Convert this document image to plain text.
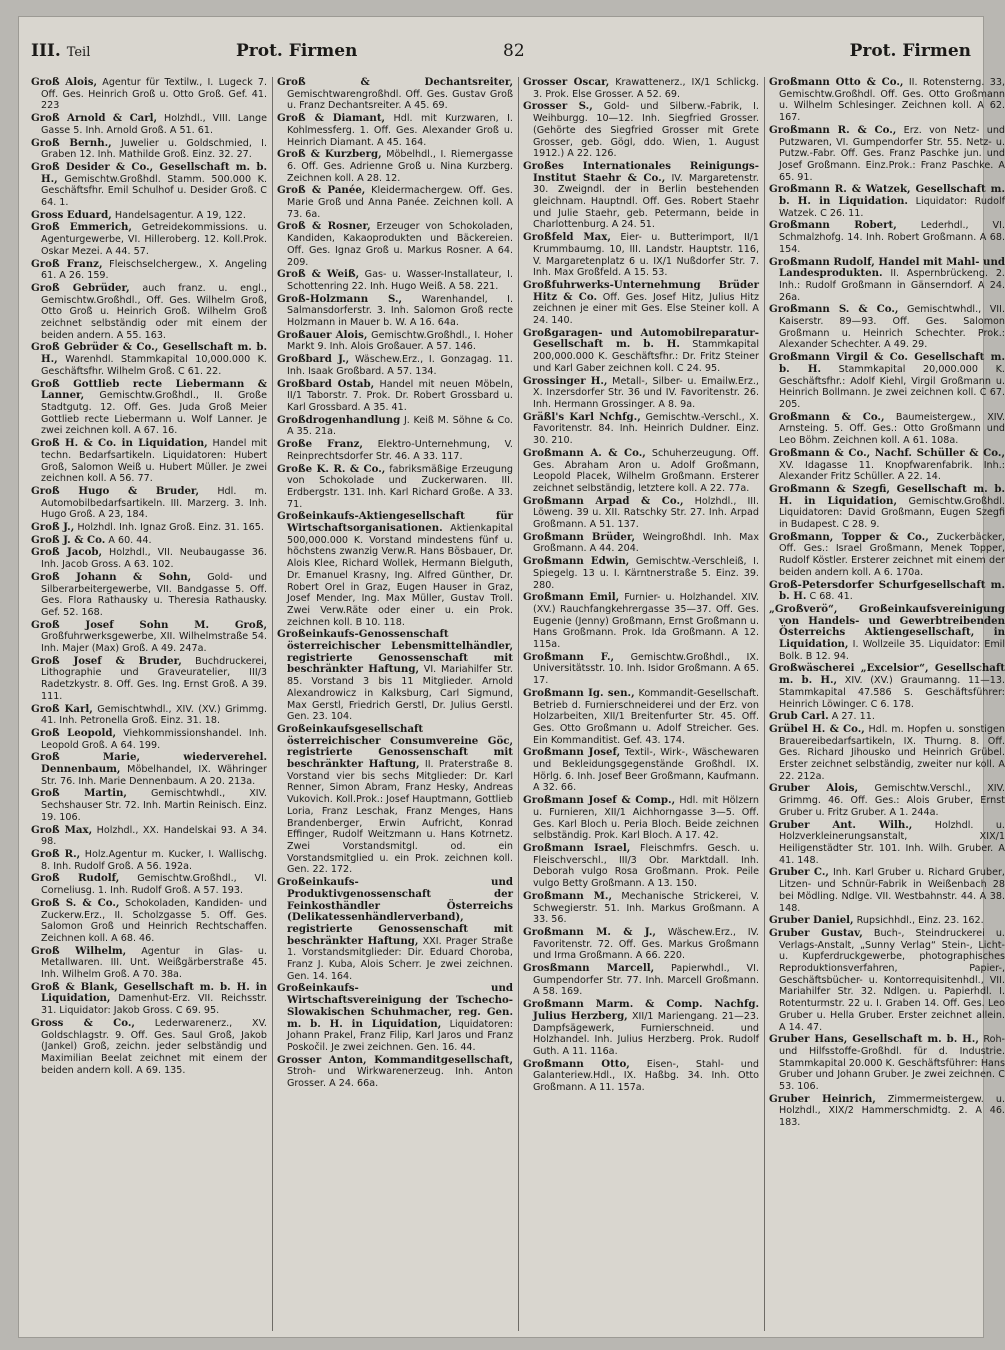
III. Teil	Prot. Firmen	82	Prot. Firmen
Groß Alois, Agentur für Textilw., I. Lugeck 7. Off. Ges. Heinrich Groß u. Otto Groß. Gef. 41. 223
Groß Arnold & Carl, Holzhdl., VIII. Lange Gasse 5. Inh. Arnold Groß. A 51. 61.
Groß Bernh., Juwelier u. Goldschmied, I. Graben 12. Inh. Mathilde Groß. Einz. 32. 27.
Groß Desider & Co., Gesellschaft m. b. H., Gemischtw.Großhdl. Stamm. 500.000 K. Geschäftsfhr. Emil Schulhof u. Desider Groß. C 64. 1.
Gross Eduard, Handelsagentur. A 19, 122.
Groß Emmerich, Getreidekommissions. u. Agenturgewerbe, VI. Hilleroberg. 12. Koll.Prok. Oskar Mezei. A 44. 57.
Groß Franz, Fleischselchergew., X. Angeling 61. A 26. 159.
Groß Gebrüder, auch franz. u. engl., Gemischtw.Großhdl., Off. Ges. Wilhelm Groß, Otto Groß u. Heinrich Groß. Wilhelm Groß zeichnet selbständig oder mit einem der beiden andern. A 55. 163.
Groß Gebrüder & Co., Gesellschaft m. b. H., Warenhdl. Stammkapital 10,000.000 K. Geschäftsfhr. Wilhelm Groß. C 61. 22.
Groß Gottlieb recte Liebermann & Lanner, Gemischtw.Großhdl., II. Große Stadtgutg. 12. Off. Ges. Juda Groß Meier Gottlieb recte Liebermann u. Wolf Lanner. Je zwei zeichnen koll. A 67. 16.
Groß H. & Co. in Liquidation, Handel mit techn. Bedarfsartikeln. Liquidatoren: Hubert Groß, Salomon Weiß u. Hubert Müller. Je zwei zeichnen koll. A 56. 77.
Groß Hugo & Bruder, Hdl. m. Automobilbedarfsartikeln. III. Marzerg. 3. Inh. Hugo Groß. A 23, 184.
Groß J., Holzhdl. Inh. Ignaz Groß. Einz. 31. 165.
Groß J. & Co. A 60. 44.
Groß Jacob, Holzhdl., VII. Neubaugasse 36. Inh. Jacob Gross. A 63. 102.
Groß Johann & Sohn, Gold- und Silberarbeitergewerbe, VII. Bandgasse 5. Off. Ges. Flora Rathausky u. Theresia Rathausky. Gef. 52. 168.
Groß Josef Sohn M. Groß, Großfuhrwerksgewerbe, XII. Wilhelmstraße 54. Inh. Majer (Max) Groß. A 49. 247a.
Groß Josef & Bruder, Buchdruckerei, Lithographie und Graveuratelier, III/3 Radetzkystr. 8. Off. Ges. Ing. Ernst Groß. A 39. 111.
Groß Karl, Gemischtwhdl., XIV. (XV.) Grimmg. 41. Inh. Petronella Groß. Einz. 31. 18.
Groß Leopold, Viehkommissionshandel. Inh. Leopold Groß. A 64. 199.
Groß Marie, wiederverehel. Dennenbaum, Möbelhandel, IX. Währinger Str. 76. Inh. Marie Dennenbaum. A 20. 213a.
Groß Martin,	Gemischtwhdl., XIV. Sechshauser Str. 72. Inh. Martin Reinisch. Einz. 19. 106.
Groß Max, Holzhdl., XX. Handelskai 93. A 34. 98.
Groß R., Holz.Agentur m. Kucker, I. Wallischg. 8. Inh. Rudolf Groß. A 56. 192a.
Groß Rudolf, Gemischtw.Großhdl., VI. Corneliusg. 1. Inh. Rudolf Groß. A 57. 193.
Groß S. & Co., Schokoladen, Kandiden- und Zuckerw.Erz., II. Scholzgasse 5. Off. Ges. Salomon Groß und Heinrich Rechtschaffen. Zeichnen koll. A 68. 46.
Groß Wilhelm, Agentur in Glas- u. Metallwaren. III. Unt. Weißgärberstraße 45. Inh. Wilhelm Groß. A 70. 38a.
Groß & Blank, Gesellschaft m. b. H. in Liquidation, Damenhut-Erz. VII. Reichsstr. 31. Liquidator: Jakob Gross. C 69. 95.
Gross & Co., Lederwarenerz., XV. Goldschlagstr. 9. Off. Ges. Saul Groß, Jakob (Jankel) Groß, zeichn. jeder selbständig und Maximilian Beelat zeichnet mit einem der beiden andern koll. A 69. 135.
Groß & Dechantsreiter, Gemischtwarengroßhdl. Off. Ges. Gustav Groß u. Franz Dechantsreiter. A 45. 69.
Groß & Diamant, Hdl. mit Kurzwaren, I. Kohlmessferg. 1. Off. Ges. Alexander Groß u. Heinrich Diamant. A 45. 164.
Groß & Kurzberg, Möbelhdl., I. Riemergasse 6. Off. Ges. Adrienne Groß u. Nina Kurzberg. Zeichnen koll. A 28. 12.
Groß & Panée, Kleidermachergew. Off. Ges. Marie Groß und Anna Panée. Zeichnen koll. A 73. 6a.
Groß & Rosner, Erzeuger von Schokoladen, Kandiden, Kakaoprodukten und Bäckereien. Off. Ges. Ignaz Groß u. Markus Rosner. A 64. 209.
Groß & Weiß, Gas- u. Wasser-Installateur, I. Schottenring 22. Inh. Hugo Weiß. A 58. 221.
Groß-Holzmann S., Warenhandel, I. Salmansdorferstr. 3. Inh. Salomon Groß recte Holzmann in Mauer b. W. A 16. 64a.
Großauer Alois, Gemischtw.Großhdl., I. Hoher Markt 9. Inh. Alois Großauer. A 57. 146.
Großbard J., Wäschew.Erz., I. Gonzagag. 11. Inh. Isaak Großbard. A 57. 134.
Großbard Ostab, Handel mit neuen Möbeln, II/1 Taborstr. 7. Prok. Dr. Robert Grossbard u. Karl Grossbard. A 35. 41.
Großdrogenhandlung J. Keiß M. Söhne & Co. A 35. 21a.
Große Franz, Elektro-Unternehmung, V. Reinprechtsdorfer Str. 46. A 33. 117.
Große K. R. & Co., fabriksmäßige Erzeugung von Schokolade und Zuckerwaren. III. Erdbergstr. 131. Inh. Karl Richard Große. A 33. 71.
Großeinkaufs-Aktiengesellschaft für Wirtschaftsorganisationen. Aktienkapital 500,000.000 K. Vorstand mindestens fünf u. höchstens zwanzig Verw.R. Hans Bösbauer, Dr. Alois Klee, Richard Wollek, Hermann Bielguth, Dr. Emanuel Krasny, Ing. Alfred Günther, Dr. Robert Orel in Graz, Eugen Hauser in Graz, Josef Mender, Ing. Max Müller, Gustav Troll. Zwei Verw.Räte oder einer u. ein Prok. zeichnen koll. B 10. 118.
Großeinkaufs-Genossenschaft österreichischer Lebensmittelhändler, registrierte Genossenschaft mit beschränkter Haftung, VI. Mariahilfer Str. 85. Vorstand 3 bis 11 Mitglieder. Arnold Alexandrowicz in Kalksburg, Carl Sigmund, Max Gerstl, Friedrich Gerstl, Dr. Julius Gerstl. Gen. 23. 104.
Großeinkaufsgesellschaft österreichischer Consumvereine Göc, registrierte Genossenschaft mit beschränkter Haftung, II. Praterstraße 8. Vorstand vier bis sechs Mitglieder: Dr. Karl Renner, Simon Abram, Franz Hesky, Andreas Vukovich. Koll.Prok.: Josef Hauptmann, Gottlieb Loria, Franz Leschak, Franz Menges, Hans Brandenberger, Erwin Aufricht, Konrad Effinger, Rudolf Weitzmann u. Hans Kotrnetz. Zwei Vorstandsmitgl. od. ein Vorstandsmitglied u. ein Prok. zeichnen koll. Gen. 22. 172.
Großeinkaufs- und Produktivgenossenschaft der Feinkosthändler Österreichs (Delikatessenhändlerverband), registrierte Genossenschaft mit beschränkter Haftung, XXI. Prager Straße 1. Vorstandsmitglieder: Dir. Eduard Choroba, Franz J. Kuba, Alois Scherr. Je zwei zeichnen. Gen. 14. 164.
Großeinkaufs- und Wirtschaftsvereinigung der Tschecho-Slowakischen Schuhmacher, reg. Gen. m. b. H. in Liquidation, Liquidatoren: Johann Prakel, Franz Filip, Karl Jaros und Franz Poskočil. Je zwei zeichnen. Gen. 16. 44.
Grosser Anton, Kommanditgesellschaft, Stroh- und Wirkwarenerzeug. Inh. Anton Grosser. A 24. 66a.
Grosser Oscar, Krawattenerz., IX/1 Schlickg. 3. Prok. Else Grosser. A 52. 69.
Grosser S., Gold- und Silberw.-Fabrik, I. Weihburgg. 10—12. Inh. Siegfried Grosser. (Gehörte des Siegfried Grosser mit Grete Grosser, geb. Gögl, ddo. Wien, 1. August 1912.) A 22. 126.
Großes Internationales Reinigungs-Institut Staehr & Co., IV. Margaretenstr. 30. Zweigndl. der in Berlin bestehenden gleichnam. Hauptndl. Off. Ges. Robert Staehr und Julie Staehr, geb. Petermann, beide in Charlottenburg. A 24. 51.
Großfeld Max, Eier- u. Butterimport, II/1 Krummbaumg. 10, III. Landstr. Hauptstr. 116, V. Margaretenplatz 6 u. IX/1 Nußdorfer Str. 7. Inh. Max Großfeld. A 15. 53.
Großfuhrwerks-Unternehmung Brüder Hitz & Co. Off. Ges. Josef Hitz, Julius Hitz zeichnen je einer mit Ges. Else Steiner koll. A 24. 140.
Großgaragen- und Automobilreparatur-Gesellschaft m. b. H. Stammkapital 200,000.000 K. Geschäftsfhr.: Dr. Fritz Steiner und Karl Gaber zeichnen koll. C 24. 95.
Grossinger H., Metall-, Silber- u. Emailw.Erz., X. Inzersdorfer Str. 36 und IV. Favoritenstr. 26. Inh. Hermann Grossinger. A 8. 9a.
Gräßl's Karl Nchfg., Gemischtw.-Verschl., X. Favoritenstr. 84. Inh. Heinrich Duldner. Einz. 30. 210.
Großmann A. & Co., Schuherzeugung. Off. Ges. Abraham Aron u. Adolf Großmann, Leopold Placek, Wilhelm Großmann. Ersterer zeichnet selbständig, letztere koll. A 22. 77a.
Großmann Arpad & Co., Holzhdl., III. Löweng. 39 u. XII. Ratschky Str. 27. Inh. Arpad Großmann. A 51. 137.
Großmann Brüder, Weingroßhdl. Inh. Max Großmann. A 44. 204.
Großmann Edwin, Gemischtw.-Verschleiß, I. Spiegelg. 13 u. I. Kärntnerstraße 5. Einz. 39. 280.
Großmann Emil, Furnier- u. Holzhandel. XIV. (XV.) Rauchfangkehrergasse 35—37. Off. Ges. Eugenie (Jenny) Großmann, Ernst Großmann u. Hans Großmann. Prok. Ida Großmann. A 12. 115a.
Großmann F., Gemischtw.Großhdl., IX. Universitätsstr. 10. Inh. Isidor Großmann. A 65. 17.
Großmann Ig. sen., Kommandit-Gesellschaft. Betrieb d. Furnierschneiderei und der Erz. von Holzarbeiten, XII/1 Breitenfurter Str. 45. Off. Ges. Otto Großmann u. Adolf Streicher. Ges. Ein Kommanditist. Gef. 43. 174.
Großmann Josef, Textil-, Wirk-, Wäschewaren und Bekleidungsgegenstände Großhdl. IX. Hörlg. 6. Inh. Josef Beer Großmann, Kaufmann. A 32. 66.
Großmann Josef & Comp., Hdl. mit Hölzern u. Furnieren, XII/1 Aichhorngasse 3—5. Off. Ges. Karl Bloch u. Peria Bloch. Beide zeichnen selbständig. Prok. Karl Bloch. A 17. 42.
Großmann Israel, Fleischmfrs. Gesch. u. Fleischverschl., III/3 Obr. Marktdall. Inh. Deborah vulgo Rosa Großmann. Prok. Peile vulgo Betty Großmann. A 13. 150.
Großmann M., Mechanische Strickerei, V. Schwegierstr. 51. Inh. Markus Großmann. A 33. 56.
Großmann M. & J., Wäschew.Erz., IV. Favoritenstr. 72. Off. Ges. Markus Großmann und Irma Großmann. A 66. 220.
Grosßmann Marcell, Papierwhdl., VI. Gumpendorfer Str. 77. Inh. Marcell Großmann. A 58. 169.
Großmann Marm. & Comp. Nachfg. Julius Herzberg, XII/1 Mariengang. 21—23. Dampfsägewerk, Furnierschneid. und Holzhandel. Inh. Julius Herzberg. Prok. Rudolf Guth. A 11. 116a.
Großmann Otto, Eisen-, Stahl- und Galanteriew.Hdl., IX. Haßbg. 34. Inh. Otto Großmann. A 11. 157a.
Großmann Otto & Co., II. Rotensterng. 33, Gemischtw.Großhdl. Off. Ges. Otto Großmann u. Wilhelm Schlesinger. Zeichnen koll. A 62. 167.
Großmann R. & Co., Erz. von Netz- und Putzwaren, VI. Gumpendorfer Str. 55. Netz- u. Putzw.-Fabr. Off. Ges. Franz Paschke jun. und Josef Großmann. Einz.Prok.: Franz Paschke. A 65. 91.
Großmann R. & Watzek, Gesellschaft m. b. H. in Liquidation. Liquidator: Rudolf Watzek. C 26. 11.
Großmann Robert,	Lederhdl., VI. Schmalzhofg. 14. Inh. Robert Großmann. A 68. 154.
Großmann Rudolf, Handel mit Mahl- und Landesprodukten. II. Aspernbrückeng. 2. Inh.: Rudolf Großmann in Gänserndorf. A 24. 26a.
Großmann S. & Co., Gemischtwhdl., VII. Kaiserstr. 89—93. Off. Ges. Salomon Großmann u. Heinrich Schechter. Prok.: Alexander Schechter. A 49. 29.
Großmann Virgil & Co. Gesellschaft m. b. H. Stammkapital 20,000.000 K. Geschäftsfhr.: Adolf Kiehl, Virgil Großmann u. Heinrich Bollmann. Je zwei zeichnen koll. C 67. 205.
Großmann & Co., Baumeistergew., XIV. Arnsteing. 5. Off. Ges.: Otto Großmann und Leo Böhm. Zeichnen koll. A 61. 108a.
Großmann & Co., Nachf. Schüller & Co., XV. Idagasse 11. Knopfwarenfabrik. Inh.: Alexander Fritz Schüller. A 22. 14.
Großmann & Szegfi, Gesellschaft m. b. H. in Liquidation, Gemischtw.Großhdl. Liquidatoren: David Großmann, Eugen Szegfi in Budapest. C 28. 9.
Großmann, Topper & Co., Zuckerbäcker, Off. Ges.: Israel Großmann, Menek Topper, Rudolf Köstler. Ersterer zeichnet mit einem der beiden andern koll. A 6. 170a.
Groß-Petersdorfer Schurfgesellschaft m. b. H. C 68. 41.
„Großverö“, Großeinkaufsvereinigung von Handels- und Gewerbtreibenden Österreichs Aktiengesellschaft, in Liquidation, I. Wollzeile 35. Liquidator: Emil Bolk. B 12. 94.
Großwäscherei „Excelsior“, Gesellschaft m. b. H., XIV. (XV.) Graumanng. 11—13. Stammkapital 47.586 S. Geschäftsführer: Heinrich Löwinger. C 6. 178.
Grub Carl. A 27. 11.
Grübel H. & Co., Hdl. m. Hopfen u. sonstigen Brauereibedarfsartikeln, IX. Thurng. 8. Off. Ges. Richard Jihousko und Heinrich Grübel. Erster zeichnet selbständig, zweiter nur koll. A 22. 212a.
Gruber Alois, Gemischtw.Verschl., XIV. Grimmg. 46. Off. Ges.: Alois Gruber, Ernst Gruber u. Fritz Gruber. A 1. 244a.
Gruber Ant. Wilh., Holzhdl. u. Holzverkleinerungsanstalt, XIX/1 Heiligenstädter Str. 101. Inh. Wilh. Gruber. A 41. 148.
Gruber C., Inh. Karl Gruber u. Richard Gruber, Litzen- und Schnür-Fabrik in Weißenbach 28 bei Mödling. Ndlge. VII. Westbahnstr. 44. A 38. 148.
Gruber Daniel, Rupsichhdl., Einz. 23. 162.
Gruber Gustav, Buch-, Steindruckerei u. Verlags-Anstalt, „Sunny Verlag“ Stein-, Licht- u. Kupferdruckgewerbe, photographisches Reproduktionsverfahren, Papier-, Geschäftsbücher- u. Kontorrequisitenhdl., VII. Mariahilfer Str. 32. Ndlgen. u. Papierhdl. I. Rotenturmstr. 22 u. I. Graben 14. Off. Ges. Leo Gruber u. Hella Gruber. Erster zeichnet allein. A 14. 47.
Gruber Hans, Gesellschaft m. b. H., Roh- und Hilfsstoffe-Großhdl. für d. Industrie. Stammkapital 20.000 K. Geschäftsführer: Hans Gruber und Johann Gruber. Je zwei zeichnen. C 53. 106.
Gruber Heinrich, Zimmermeistergew. u. Holzhdl., XIX/2 Hammerschmidtg. 2. A 46. 183.
